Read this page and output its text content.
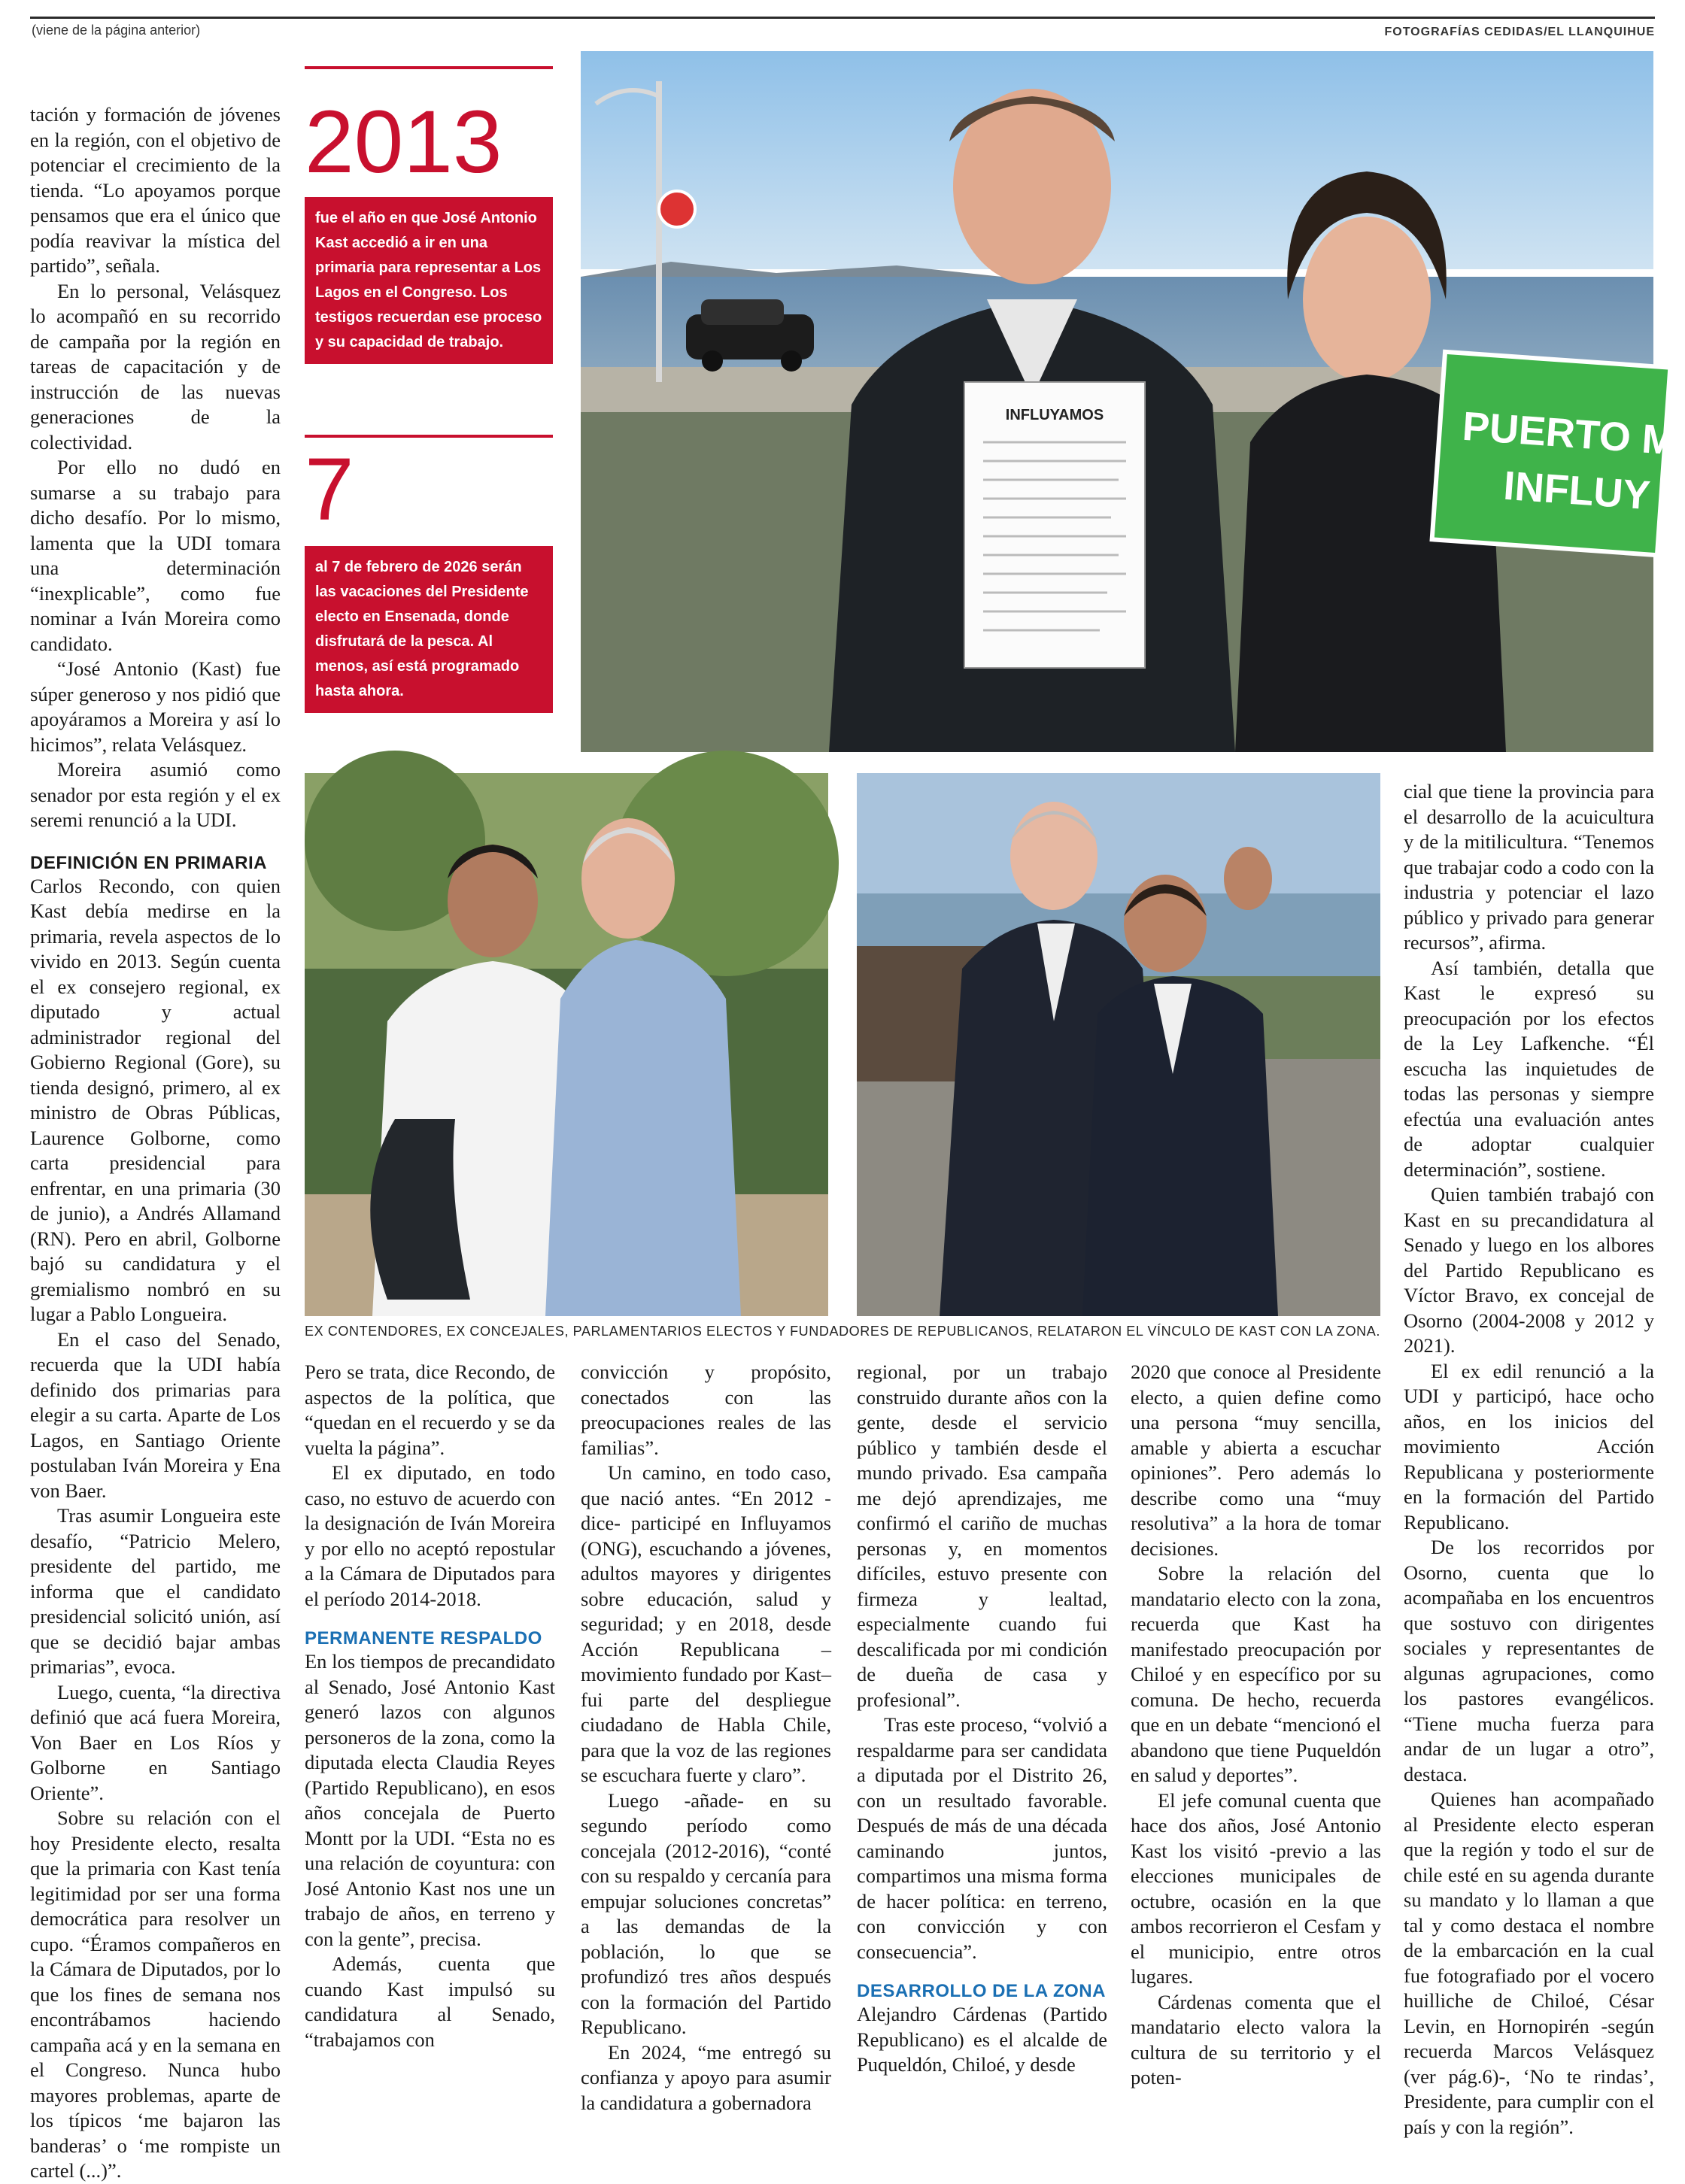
(viene de la página anterior)	FOTOGRAFÍAS CEDIDAS/EL LLANQUIHUE

tación y formación de jóvenes en la región, con el objetivo de potenciar el crecimiento de la tienda. “Lo apoyamos porque pensamos que era el único que podía reavivar la mística del partido”, señala.

En lo personal, Velásquez lo acompañó en su recorrido de campaña por la región en tareas de capacitación y de instrucción de las nuevas generaciones de la colectividad.

Por ello no dudó en sumarse a su trabajo para dicho desafío. Por lo mismo, lamenta que la UDI tomara una determinación “inexplicable”, como fue nominar a Iván Moreira como candidato.

“José Antonio (Kast) fue súper generoso y nos pidió que apoyáramos a Moreira y así lo hicimos”, relata Velásquez.

Moreira asumió como senador por esta región y el ex seremi renunció a la UDI.

DEFINICIÓN EN PRIMARIA

Carlos Recondo, con quien Kast debía medirse en la primaria, revela aspectos de lo vivido en 2013. Según cuenta el ex consejero regional, ex diputado y actual administrador regional del Gobierno Regional (Gore), su tienda designó, primero, al ex ministro de Obras Públicas, Laurence Golborne, como carta presidencial para enfrentar, en una primaria (30 de junio), a Andrés Allamand (RN). Pero en abril, Golborne bajó su candidatura y el gremialismo nombró en su lugar a Pablo Longueira.

En el caso del Senado, recuerda que la UDI había definido dos primarias para elegir a su carta. Aparte de Los Lagos, en Santiago Oriente postulaban Iván Moreira y Ena von Baer.

Tras asumir Longueira este desafío, “Patricio Melero, presidente del partido, me informa que el candidato presidencial solicitó unión, así que se decidió bajar ambas primarias”, evoca.

Luego, cuenta, “la directiva definió que acá fuera Moreira, Von Baer en Los Ríos y Golborne en Santiago Oriente”.

Sobre su relación con el hoy Presidente electo, resalta que la primaria con Kast tenía legitimidad por ser una forma democrática para resolver un cupo. “Éramos compañeros en la Cámara de Diputados, por lo que los fines de semana nos encontrábamos haciendo campaña acá y en la semana en el Congreso. Nunca hubo mayores problemas, aparte de los típicos ‘me bajaron las banderas’ o ‘me rompiste un cartel (...)”.

2013
fue el año en que José Antonio Kast accedió a ir en una primaria para representar a Los Lagos en el Congreso. Los testigos recuerdan ese proceso y su capacidad de trabajo.
7
al 7 de febrero de 2026 serán las vacaciones del Presidente electo en Ensenada, donde disfrutará de la pesca. Al menos, así está programado hasta ahora.
INFLUYAMOS	PUERTO M
INFLUY
EX CONTENDORES, EX CONCEJALES, PARLAMENTARIOS ELECTOS Y FUNDADORES DE REPUBLICANOS, RELATARON EL VÍNCULO DE KAST CON LA ZONA.

Pero se trata, dice Recondo, de aspectos de la política, que “quedan en el recuerdo y se da vuelta la página”.

El ex diputado, en todo caso, no estuvo de acuerdo con la designación de Iván Moreira y por ello no aceptó repostular a la Cámara de Diputados para el período 2014-2018.

PERMANENTE RESPALDO

En los tiempos de precandidato al Senado, José Antonio Kast generó lazos con algunos personeros de la zona, como la diputada electa Claudia Reyes (Partido Republicano), en esos años concejala de Puerto Montt por la UDI. “Esta no es una relación de coyuntura: con José Antonio Kast nos une un trabajo de años, en terreno y con la gente”, precisa.

Además, cuenta que cuando Kast impulsó su candidatura al Senado, “trabajamos con

convicción y propósito, conectados con las preocupaciones reales de las familias”.

Un camino, en todo caso, que nació antes. “En 2012 -dice- participé en Influyamos (ONG), escuchando a jóvenes, adultos mayores y dirigentes sobre educación, salud y seguridad; y en 2018, desde Acción Republicana –movimiento fundado por Kast– fui parte del despliegue ciudadano de Habla Chile, para que la voz de las regiones se escuchara fuerte y claro”.

Luego -añade- en su segundo período como concejala (2012-2016), “conté con su respaldo y cercanía para empujar soluciones concretas” a las demandas de la población, lo que se profundizó tres años después con la formación del Partido Republicano.

En 2024, “me entregó su confianza y apoyo para asumir la candidatura a gobernadora

regional, por un trabajo construido durante años con la gente, desde el servicio público y también desde el mundo privado. Esa campaña me dejó aprendizajes, me confirmó el cariño de muchas personas y, en momentos difíciles, estuvo presente con firmeza y lealtad, especialmente cuando fui descalificada por mi condición de dueña de casa y profesional”.

Tras este proceso, “volvió a respaldarme para ser candidata a diputada por el Distrito 26, con un resultado favorable. Después de más de una década caminando juntos, compartimos una misma forma de hacer política: en terreno, con convicción y con consecuencia”.

DESARROLLO DE LA ZONA

Alejandro Cárdenas (Partido Republicano) es el alcalde de Puqueldón, Chiloé, y desde

2020 que conoce al Presidente electo, a quien define como una persona “muy sencilla, amable y abierta a escuchar opiniones”. Pero además lo describe como una “muy resolutiva” a la hora de tomar decisiones.

Sobre la relación del mandatario electo con la zona, recuerda que Kast ha manifestado preocupación por Chiloé y en específico por su comuna. De hecho, recuerda que en un debate “mencionó el abandono que tiene Puqueldón en salud y deportes”.

El jefe comunal cuenta que hace dos años, José Antonio Kast los visitó -previo a las elecciones municipales de octubre, ocasión en la que ambos recorrieron el Cesfam y el municipio, entre otros lugares.

Cárdenas comenta que el mandatario electo valora la cultura de su territorio y el poten-

cial que tiene la provincia para el desarrollo de la acuicultura y de la mitilicultura. “Tenemos que trabajar codo a codo con la industria y potenciar el lazo público y privado para generar recursos”, afirma.

Así también, detalla que Kast le expresó su preocupación por los efectos de la Ley Lafkenche. “Él escucha las inquietudes de todas las personas y siempre efectúa una evaluación antes de adoptar cualquier determinación”, sostiene.

Quien también trabajó con Kast en su precandidatura al Senado y luego en los albores del Partido Republicano es Víctor Bravo, ex concejal de Osorno (2004-2008 y 2012 y 2021).

El ex edil renunció a la UDI y participó, hace ocho años, en los inicios del movimiento Acción Republicana y posteriormente en la formación del Partido Republicano.

De los recorridos por Osorno, cuenta que lo acompañaba en los encuentros que sostuvo con dirigentes sociales y representantes de algunas agrupaciones, como los pastores evangélicos. “Tiene mucha fuerza para andar de un lugar a otro”, destaca.

Quienes han acompañado al Presidente electo esperan que la región y todo el sur de chile esté en su agenda durante su mandato y lo llaman a que tal y como destaca el nombre de la embarcación en la cual fue fotografiado por el vocero huilliche de Chiloé, César Levin, en Hornopirén -según recuerda Marcos Velásquez (ver pág.6)-, ‘No te rindas’, Presidente, para cumplir con el país y con la región”.
